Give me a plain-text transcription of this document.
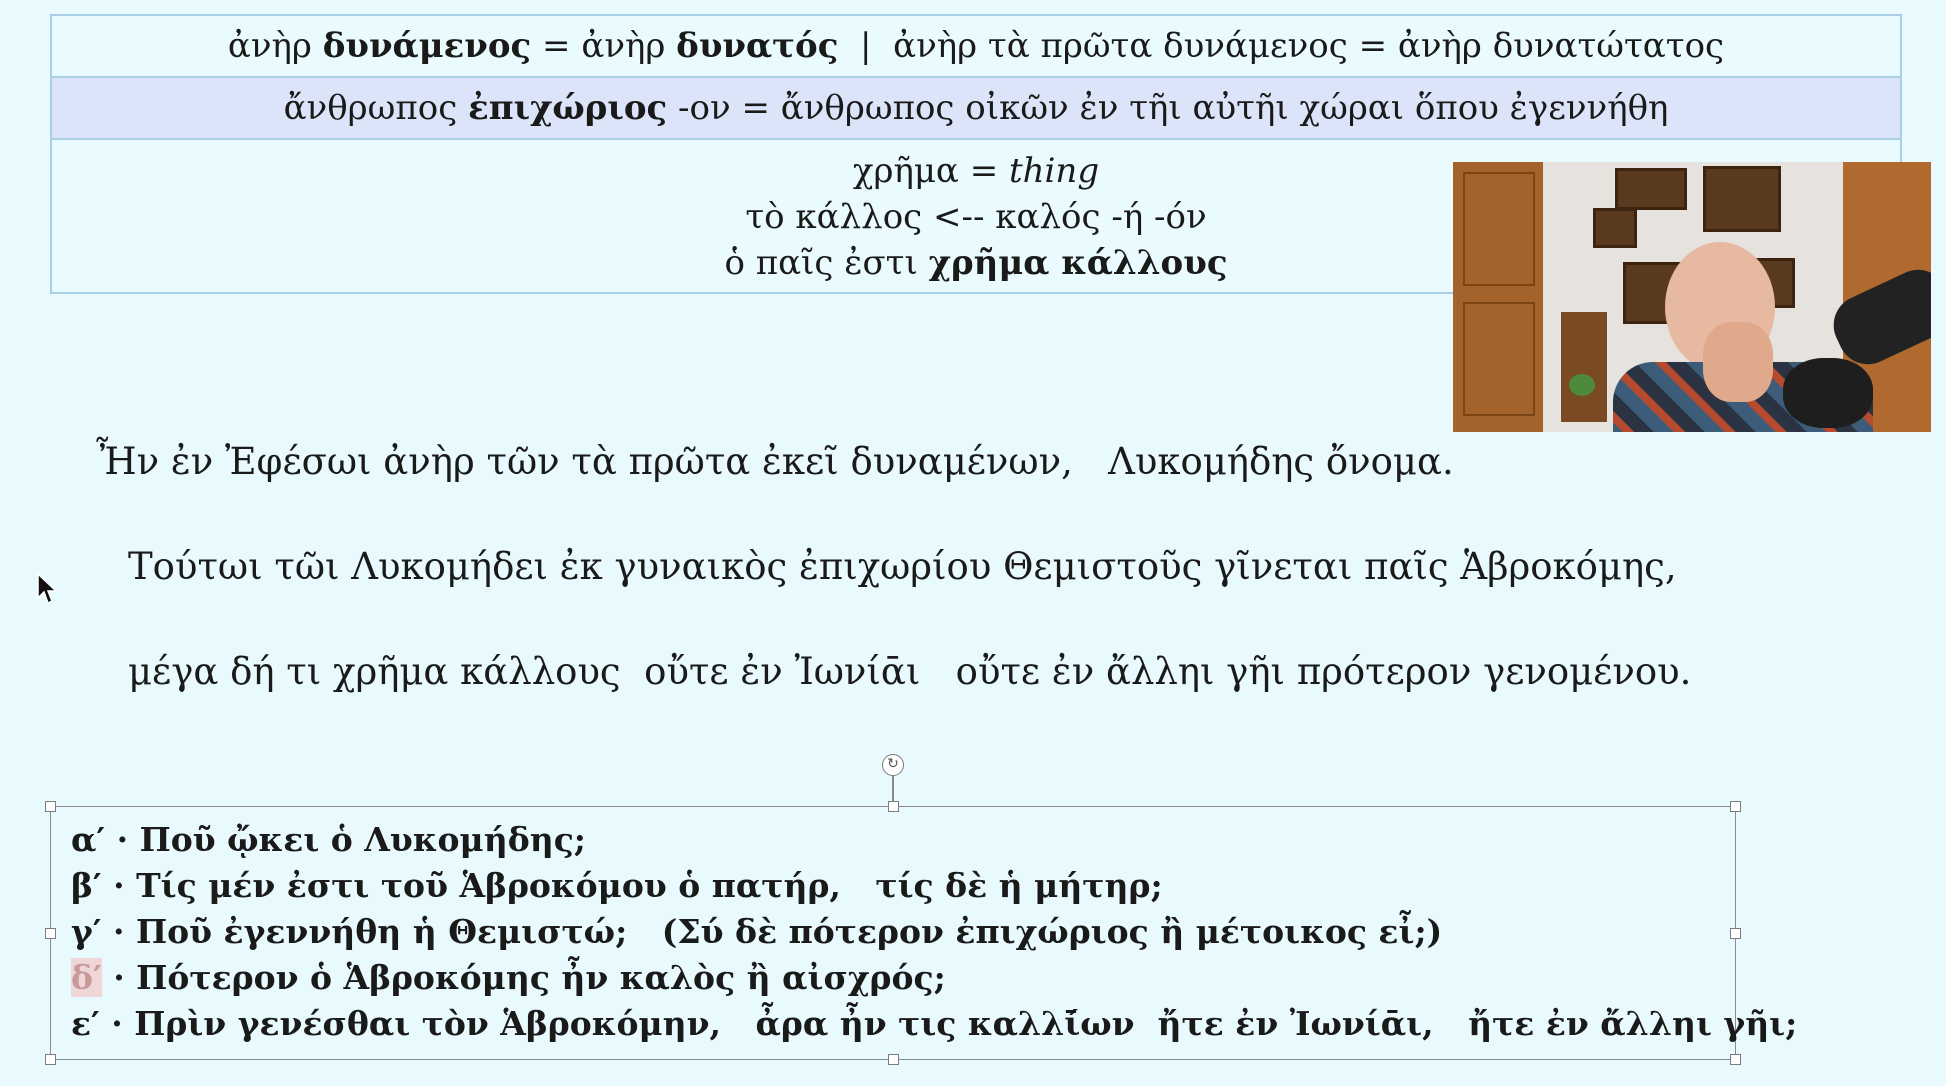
ἀνὴρ δυνάμενος = ἀνὴρ δυνατός  |  ἀνὴρ τὰ πρῶτα δυνάμενος = ἀνὴρ δυνατώτατος
ἄνθρωπος ἐπιχώριος -ον = ἄνθρωπος οἰκῶν ἐν τῆι αὐτῆι χώραι ὅπου ἐγεννήθη
χρῆμα = thing
τὸ κάλλος <-- καλός -ή -όν
ὁ παῖς ἐστι χρῆμα κάλλους
Ἦν ἐν Ἐφέσωι ἀνὴρ τῶν τὰ πρῶτα ἐκεῖ δυναμένων,   Λυκομήδης ὄνομα.
Τούτωι τῶι Λυκομήδει ἐκ γυναικὸς ἐπιχωρίου Θεμιστοῦς γῖνεται παῖς Ἁβροκόμης,
μέγα δή τι χρῆμα κάλλους  οὔτε ἐν Ἰωνίᾱι   οὔτε ἐν ἄλληι γῆι πρότερον γενομένου.
↻
α′ · Ποῦ ᾤκει ὁ Λυκομήδης;
β′ · Τίς μέν ἐστι τοῦ Ἁβροκόμου ὁ πατήρ,   τίς δὲ ἡ μήτηρ;
γ′ · Ποῦ ἐγεννήθη ἡ Θεμιστώ;   (Σύ δὲ πότερον ἐπιχώριος ἢ μέτοικος εἶ;)
δ′ · Πότερον ὁ Ἁβροκόμης ἦν καλὸς ἢ αἰσχρός;
ε′ · Πρὶν γενέσθαι τὸν Ἁβροκόμην,   ἆρα ἦν τις καλλῑ́ων  ἤτε ἐν Ἰωνίᾱι,   ἤτε ἐν ἄλληι γῆι;
